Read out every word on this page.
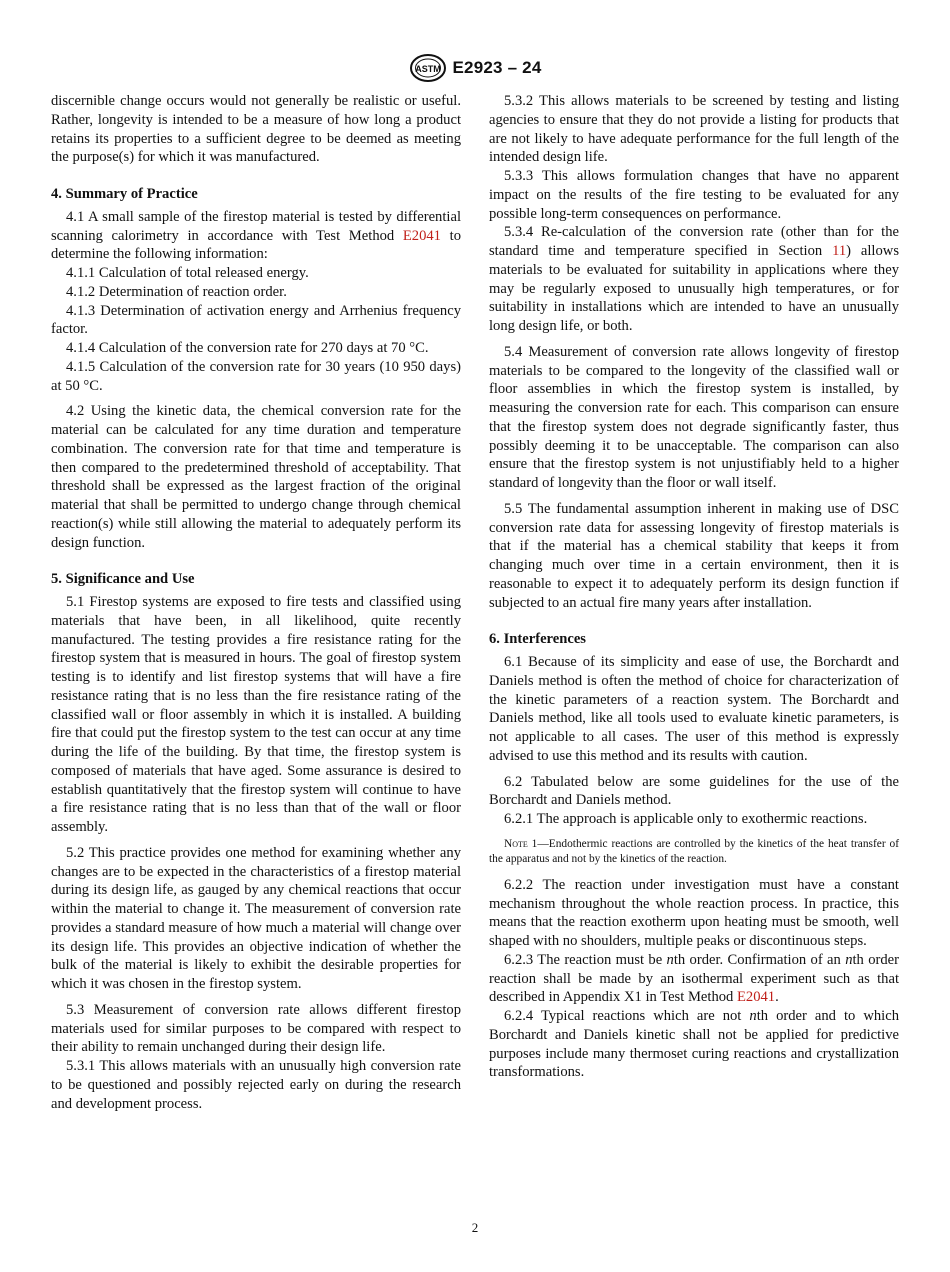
ASTM E2923 – 24

discernible change occurs would not generally be realistic or useful. Rather, longevity is intended to be a measure of how long a product retains its properties to a sufficient degree to be deemed as meeting the purpose(s) for which it was manufactured.

4. Summary of Practice

4.1 A small sample of the firestop material is tested by differential scanning calorimetry in accordance with Test Method E2041 to determine the following information:

4.1.1 Calculation of total released energy.

4.1.2 Determination of reaction order.

4.1.3 Determination of activation energy and Arrhenius frequency factor.

4.1.4 Calculation of the conversion rate for 270 days at 70 °C.

4.1.5 Calculation of the conversion rate for 30 years (10 950 days) at 50 °C.

4.2 Using the kinetic data, the chemical conversion rate for the material can be calculated for any time duration and temperature combination. The conversion rate for that time and temperature is then compared to the predetermined threshold of acceptability. That threshold shall be expressed as the largest fraction of the original material that shall be permitted to undergo change through chemical reaction(s) while still allowing the material to adequately perform its design function.

5. Significance and Use

5.1 Firestop systems are exposed to fire tests and classified using materials that have been, in all likelihood, quite recently manufactured. The testing provides a fire resistance rating for the firestop system that is measured in hours. The goal of firestop system testing is to identify and list firestop systems that will have a fire resistance rating that is no less than the fire resistance rating of the classified wall or floor assembly in which it is installed. A building fire that could put the firestop system to the test can occur at any time during the life of the building. By that time, the firestop system is composed of materials that have aged. Some assurance is desired to establish quantitatively that the firestop system will continue to have a fire resistance rating that is no less than that of the wall or floor assembly.

5.2 This practice provides one method for examining whether any changes are to be expected in the characteristics of a firestop material during its design life, as gauged by any chemical reactions that occur within the material to change it. The measurement of conversion rate provides a standard measure of how much a material will change over its design life. This provides an objective indication of whether the bulk of the material is likely to exhibit the desirable properties for which it was chosen in the firestop system.

5.3 Measurement of conversion rate allows different firestop materials used for similar purposes to be compared with respect to their ability to remain unchanged during their design life.

5.3.1 This allows materials with an unusually high conversion rate to be questioned and possibly rejected early on during the research and development process.

5.3.2 This allows materials to be screened by testing and listing agencies to ensure that they do not provide a listing for products that are not likely to have adequate performance for the full length of the intended design life.

5.3.3 This allows formulation changes that have no apparent impact on the results of the fire testing to be evaluated for any possible long-term consequences on performance.

5.3.4 Re-calculation of the conversion rate (other than for the standard time and temperature specified in Section 11) allows materials to be evaluated for suitability in applications where they may be regularly exposed to unusually high temperatures, or for suitability in installations which are intended to have an unusually long design life, or both.

5.4 Measurement of conversion rate allows longevity of firestop materials to be compared to the longevity of the classified wall or floor assemblies in which the firestop system is installed, by measuring the conversion rate for each. This comparison can ensure that the firestop system does not degrade significantly faster, thus possibly deeming it to be unacceptable. The comparison can also ensure that the firestop system is not unjustifiably held to a higher standard of longevity than the floor or wall itself.

5.5 The fundamental assumption inherent in making use of DSC conversion rate data for assessing longevity of firestop materials is that if the material has a chemical stability that keeps it from changing much over time in a certain environment, then it is reasonable to expect it to adequately perform its design function if subjected to an actual fire many years after installation.

6. Interferences

6.1 Because of its simplicity and ease of use, the Borchardt and Daniels method is often the method of choice for characterization of the kinetic parameters of a reaction system. The Borchardt and Daniels method, like all tools used to evaluate kinetic parameters, is not applicable to all cases. The user of this method is expressly advised to use this method and its results with caution.

6.2 Tabulated below are some guidelines for the use of the Borchardt and Daniels method.

6.2.1 The approach is applicable only to exothermic reactions.

Note 1—Endothermic reactions are controlled by the kinetics of the heat transfer of the apparatus and not by the kinetics of the reaction.

6.2.2 The reaction under investigation must have a constant mechanism throughout the whole reaction process. In practice, this means that the reaction exotherm upon heating must be smooth, well shaped with no shoulders, multiple peaks or discontinuous steps.

6.2.3 The reaction must be nth order. Confirmation of an nth order reaction shall be made by an isothermal experiment such as that described in Appendix X1 in Test Method E2041.

6.2.4 Typical reactions which are not nth order and to which Borchardt and Daniels kinetic shall not be applied for predictive purposes include many thermoset curing reactions and crystallization transformations.

2
